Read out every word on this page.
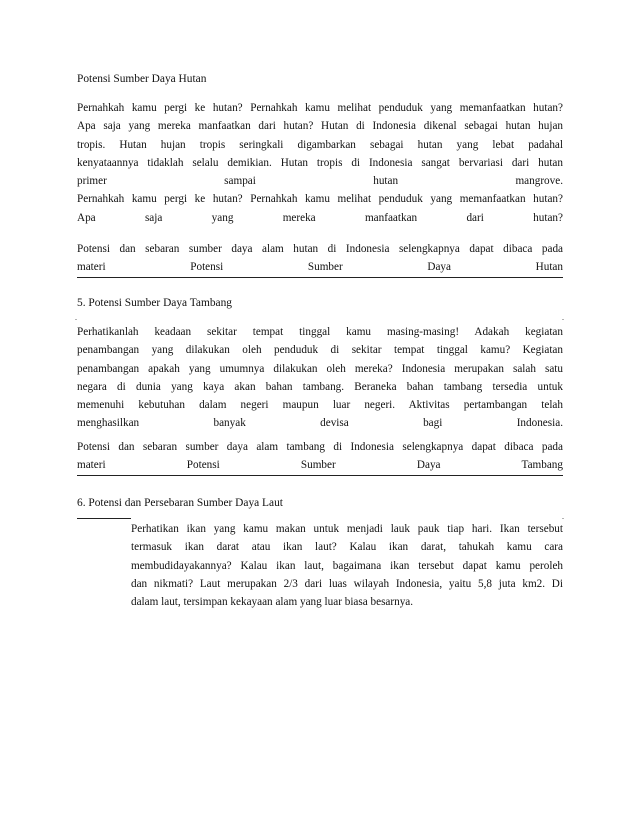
Potensi Sumber Daya Hutan
Pernahkah kamu pergi ke hutan? Pernahkah kamu melihat penduduk yang memanfaatkan hutan?
Apa saja yang mereka manfaatkan dari hutan? Hutan di Indonesia dikenal sebagai hutan hujan
tropis. Hutan hujan tropis seringkali digambarkan sebagai hutan yang lebat padahal
kenyataannya tidaklah selalu demikian. Hutan tropis di Indonesia sangat bervariasi dari hutan
primer sampai hutan mangrove.
Pernahkah kamu pergi ke hutan? Pernahkah kamu melihat penduduk yang memanfaatkan hutan?
Apa saja yang mereka manfaatkan dari hutan?
Potensi dan sebaran sumber daya alam hutan di Indonesia selengkapnya dapat dibaca pada
materi Potensi Sumber Daya Hutan
5. Potensi Sumber Daya Tambang
.	.
Perhatikanlah keadaan sekitar tempat tinggal kamu masing-masing! Adakah kegiatan
penambangan yang dilakukan oleh penduduk di sekitar tempat tinggal kamu? Kegiatan
penambangan apakah yang umumnya dilakukan oleh mereka? Indonesia merupakan salah satu
negara di dunia yang kaya akan bahan tambang. Beraneka bahan tambang tersedia untuk
memenuhi kebutuhan dalam negeri maupun luar negeri. Aktivitas pertambangan telah
menghasilkan banyak devisa bagi Indonesia.
Potensi dan sebaran sumber daya alam tambang di Indonesia selengkapnya dapat dibaca pada
materi Potensi Sumber Daya Tambang
6. Potensi dan Persebaran Sumber Daya Laut
.
Perhatikan ikan yang kamu makan untuk menjadi lauk pauk tiap hari. Ikan tersebut
termasuk ikan darat atau ikan laut? Kalau ikan darat, tahukah kamu cara
membudidayakannya? Kalau ikan laut, bagaimana ikan tersebut dapat kamu peroleh
dan nikmati? Laut merupakan 2/3 dari luas wilayah Indonesia, yaitu 5,8 juta km2. Di
dalam laut, tersimpan kekayaan alam yang luar biasa besarnya.
